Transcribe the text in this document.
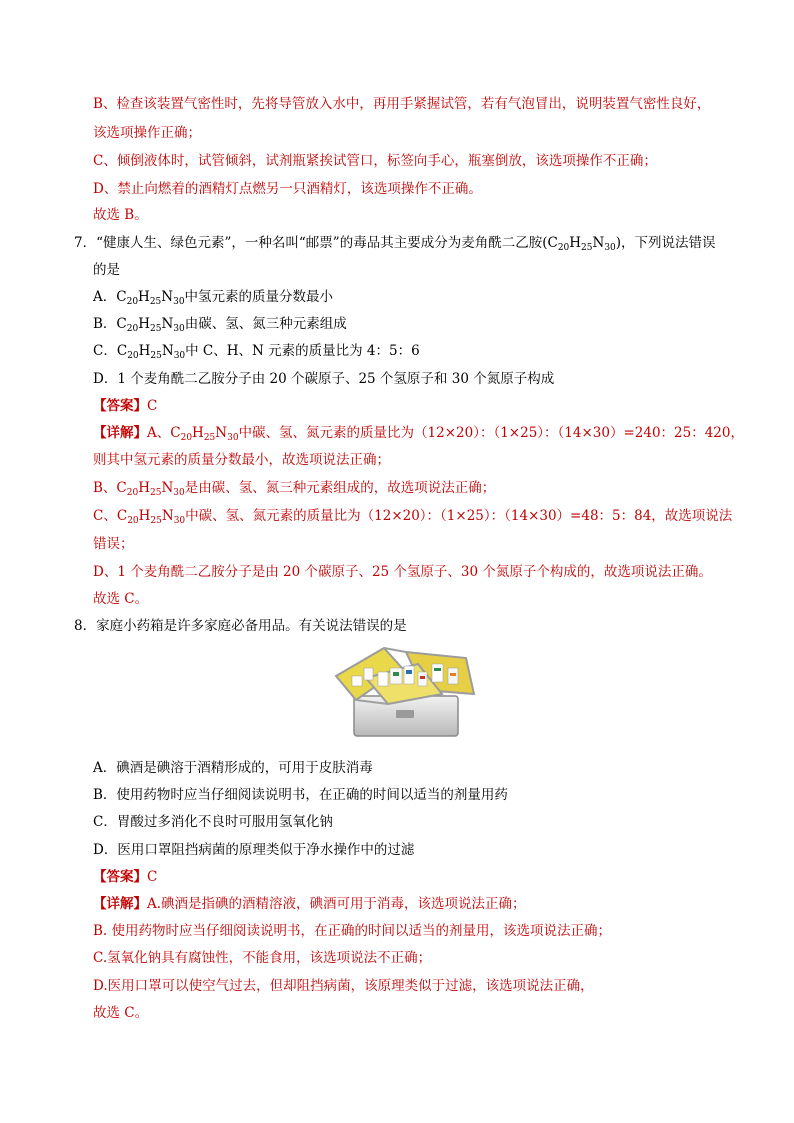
B、检查该装置气密性时，先将导管放入水中，再用手紧握试管，若有气泡冒出，说明装置气密性良好，
该选项操作正确；
C、倾倒液体时，试管倾斜，试剂瓶紧挨试管口，标签向手心，瓶塞倒放，该选项操作不正确；
D、禁止向燃着的酒精灯点燃另一只酒精灯，该选项操作不正确。
故选 B。
7．“健康人生、绿色元素”，一种名叫“邮票”的毒品其主要成分为麦角酰二乙胺$(C_{20}H_{25}N_{30})$，下列说法错误
的是
A．$C_{20}H_{25}N_{30}$中氢元素的质量分数最小
B．$C_{20}H_{25}N_{30}$由碳、氢、氮三种元素组成
C．$C_{20}H_{25}N_{30}$中 C、H、N 元素的质量比为 4：5：6
D．1 个麦角酰二乙胺分子由 20 个碳原子、25 个氢原子和 30 个氮原子构成
【答案】C
【详解】A、$C_{20}H_{25}N_{30}$中碳、氢、氮元素的质量比为（12×20）：（1×25）：（14×30）=240：25：420，
则其中氢元素的质量分数最小，故选项说法正确；
B、$C_{20}H_{25}N_{30}$是由碳、氢、氮三种元素组成的，故选项说法正确；
C、$C_{20}H_{25}N_{30}$中碳、氢、氮元素的质量比为（12×20）：（1×25）：（14×30）=48：5：84，故选项说法
错误；
D、1 个麦角酰二乙胺分子是由 20 个碳原子、25 个氢原子、30 个氮原子个构成的，故选项说法正确。
故选 C。
8．家庭小药箱是许多家庭必备用品。有关说法错误的是
A．碘酒是碘溶于酒精形成的，可用于皮肤消毒
B．使用药物时应当仔细阅读说明书，在正确的时间以适当的剂量用药
C．胃酸过多消化不良时可服用氢氧化钠
D．医用口罩阻挡病菌的原理类似于净水操作中的过滤
【答案】C
【详解】A.碘酒是指碘的酒精溶液，碘酒可用于消毒，该选项说法正确；
B. 使用药物时应当仔细阅读说明书，在正确的时间以适当的剂量用，该选项说法正确；
C.氢氧化钠具有腐蚀性，不能食用，该选项说法不正确；
D.医用口罩可以使空气过去，但却阻挡病菌，该原理类似于过滤，该选项说法正确，
故选 C。
